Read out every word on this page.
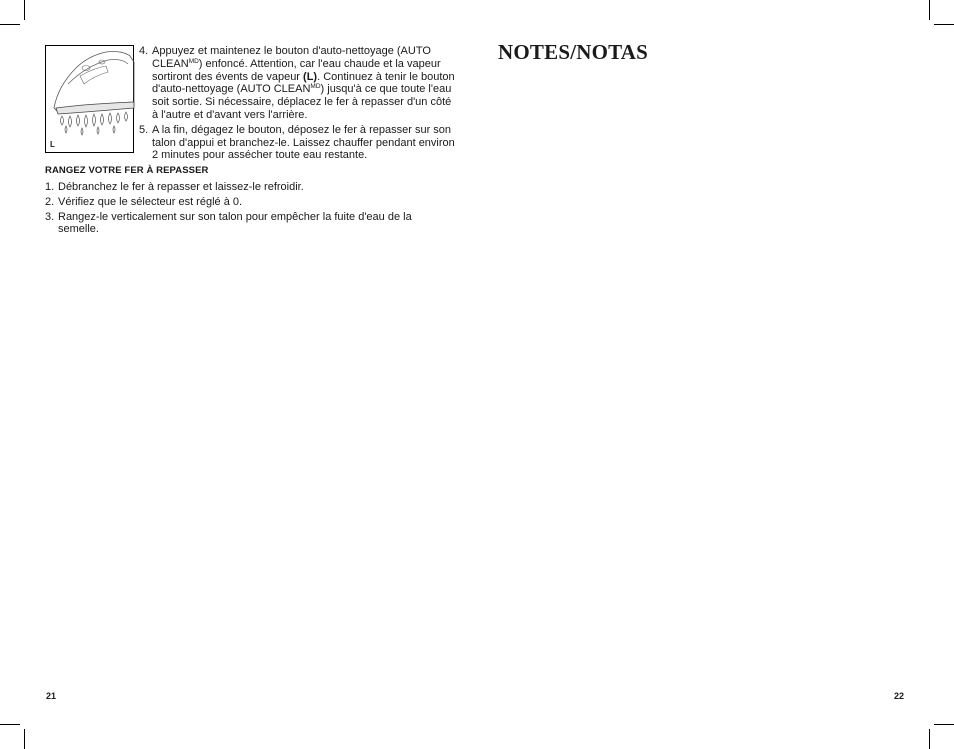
L
4. Appuyez et maintenez le bouton d'auto-nettoyage (AUTO $CLEAN^{MD}$) enfoncé. Attention, car l'eau chaude et la vapeur sortiront des évents de vapeur (L). Continuez à tenir le bouton d'auto-nettoyage (AUTO $CLEAN^{MD}$) jusqu'à ce que toute l'eau soit sortie. Si nécessaire, déplacez le fer à repasser d'un côté à l'autre et d'avant vers l'arrière.
5. A la fin, dégagez le bouton, déposez le fer à repasser sur son talon d'appui et branchez-le. Laissez chauffer pendant environ 2 minutes pour assécher toute eau restante.
RANGEZ VOTRE FER À REPASSER
1. Débranchez le fer à repasser et laissez-le refroidir.
2. Vérifiez que le sélecteur est réglé à 0.
3. Rangez-le verticalement sur son talon pour empêcher la fuite d'eau de la semelle.
NOTES/NOTAS
21	22
